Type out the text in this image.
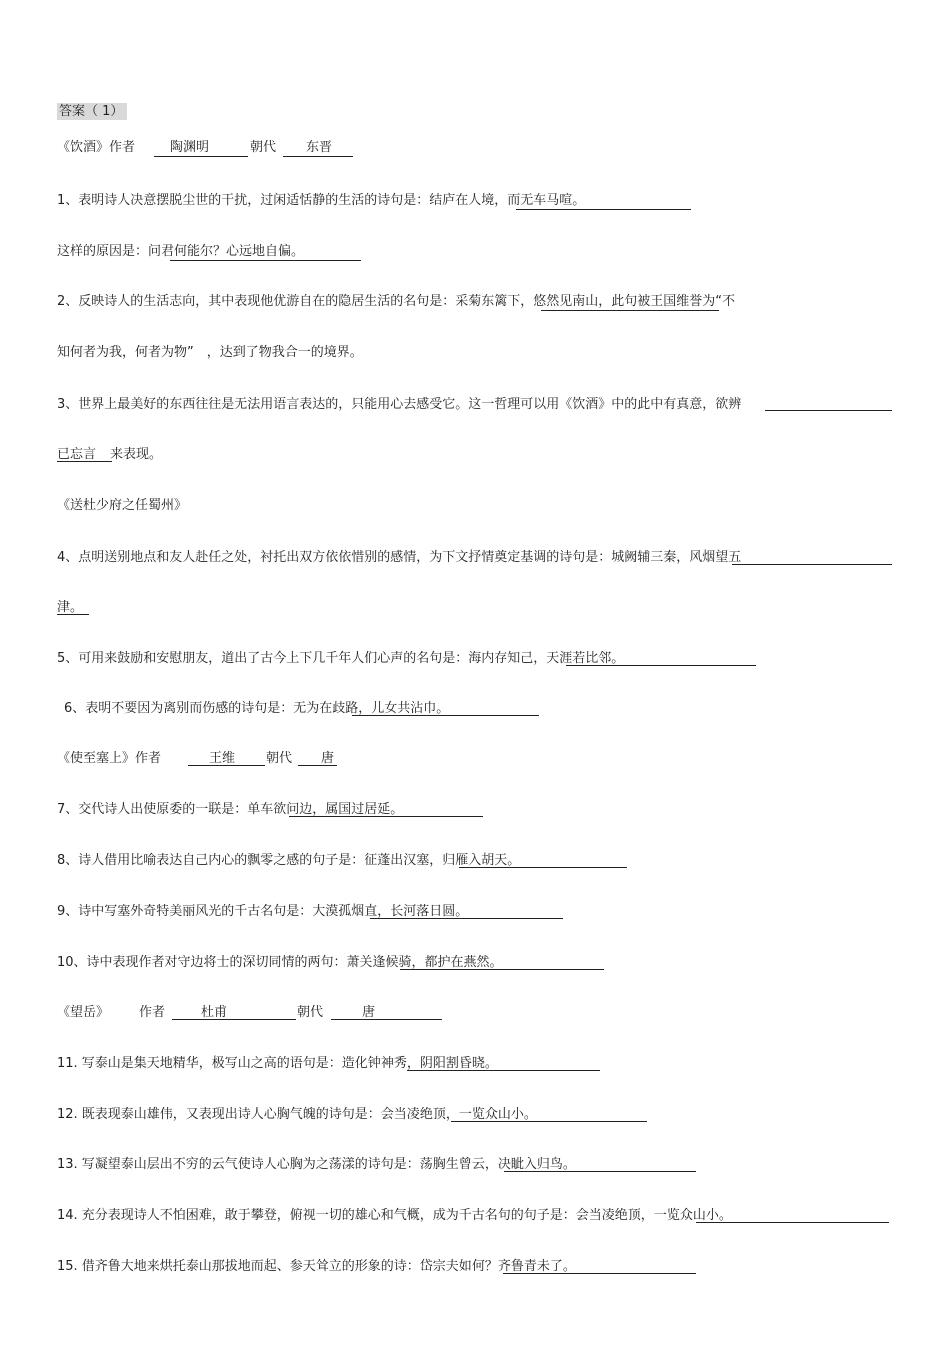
答案（ 1）
《饮酒》作者	陶渊明	朝代 东晋
1、表明诗人决意摆脱尘世的干扰，过闲适恬静的生活的诗句是：结庐在人境，而无车马喧。
这样的原因是：问君何能尔？心远地自偏。
2、反映诗人的生活志向，其中表现他优游自在的隐居生活的名句是：采菊东篱下，悠然见南山，此句被王国维誉为“不
知何者为我，何者为物”　，达到了物我合一的境界。
3、世界上最美好的东西往往是无法用语言表达的，只能用心去感受它。这一哲理可以用《饮酒》中的此中有真意，欲辨
已忘言 来表现。
《送杜少府之任蜀州》
4、点明送别地点和友人赴任之处，衬托出双方依依惜别的感情，为下文抒情奠定基调的诗句是：城阙辅三秦，风烟望五
津。
5、可用来鼓励和安慰朋友，道出了古今上下几千年人们心声的名句是：海内存知己，天涯若比邻。
6、表明不要因为离别而伤感的诗句是：无为在歧路，儿女共沾巾。
《使至塞上》作者	王维 朝代 唐
7、交代诗人出使原委的一联是：单车欲问边，属国过居延。
8、诗人借用比喻表达自己内心的飘零之感的句子是：征蓬出汉塞，归雁入胡天。
9、诗中写塞外奇特美丽风光的千古名句是：大漠孤烟直，长河落日圆。
10、诗中表现作者对守边将士的深切同情的两句：萧关逢候骑，都护在燕然。
《望岳》 作者	杜甫	朝代	唐
11. 写泰山是集天地精华，极写山之高的语句是：造化钟神秀，阴阳割昏晓。
12. 既表现泰山雄伟，又表现出诗人心胸气魄的诗句是：会当凌绝顶，一览众山小。
13. 写凝望泰山层出不穷的云气使诗人心胸为之荡漾的诗句是：荡胸生曾云，决眦入归鸟。
14. 充分表现诗人不怕困难，敢于攀登，俯视一切的雄心和气概，成为千古名句的句子是：会当凌绝顶，一览众山小。
15. 借齐鲁大地来烘托泰山那拔地而起、参天耸立的形象的诗：岱宗夫如何？齐鲁青未了。
